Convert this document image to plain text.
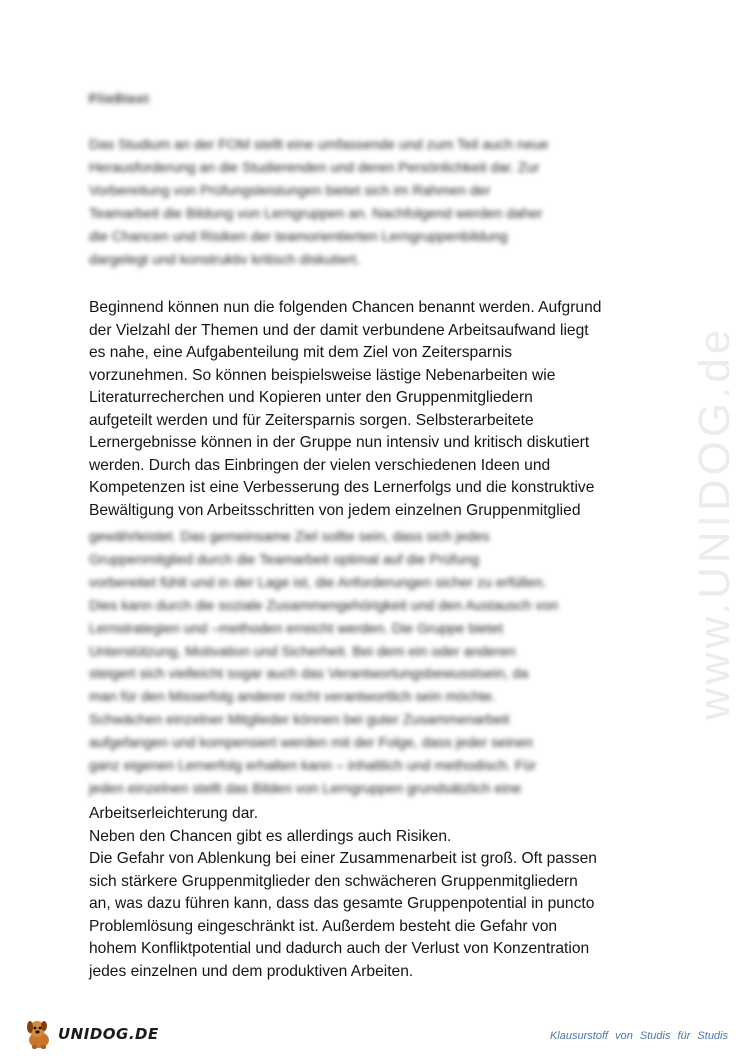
www.UNIDOG.de
Fließtext
Das Studium an der FOM stellt eine umfassende und zum Teil auch neue
Herausforderung an die Studierenden und deren Persönlichkeit dar. Zur
Vorbereitung von Prüfungsleistungen bietet sich im Rahmen der
Teamarbeit die Bildung von Lerngruppen an. Nachfolgend werden daher
die Chancen und Risiken der teamorientierten Lerngruppenbildung
dargelegt und konstruktiv kritisch diskutiert.
Beginnend können nun die folgenden Chancen benannt werden. Aufgrund
der Vielzahl der Themen und der damit verbundene Arbeitsaufwand liegt
es nahe, eine Aufgabenteilung mit dem Ziel von Zeitersparnis
vorzunehmen. So können beispielsweise lästige Nebenarbeiten wie
Literaturrecherchen und Kopieren unter den Gruppenmitgliedern
aufgeteilt werden und für Zeitersparnis sorgen. Selbsterarbeitete
Lernergebnisse können in der Gruppe nun intensiv und kritisch diskutiert
werden. Durch das Einbringen der vielen verschiedenen Ideen und
Kompetenzen ist eine Verbesserung des Lernerfolgs und die konstruktive
Bewältigung von Arbeitsschritten von jedem einzelnen Gruppenmitglied
gewährleistet. Das gemeinsame Ziel sollte sein, dass sich jedes
Gruppenmitglied durch die Teamarbeit optimal auf die Prüfung
vorbereitet fühlt und in der Lage ist, die Anforderungen sicher zu erfüllen.
Dies kann durch die soziale Zusammengehörigkeit und den Austausch von
Lernstrategien und –methoden erreicht werden. Die Gruppe bietet
Unterstützung, Motivation und Sicherheit. Bei dem ein oder anderen
steigert sich vielleicht sogar auch das Verantwortungsbewusstsein, da
man für den Misserfolg anderer nicht verantwortlich sein möchte.
Schwächen einzelner Mitglieder können bei guter Zusammenarbeit
aufgefangen und kompensiert werden mit der Folge, dass jeder seinen
ganz eigenen Lernerfolg erhalten kann – inhaltlich und methodisch. Für
jeden einzelnen stellt das Bilden von Lerngruppen grundsätzlich eine
Arbeitserleichterung dar.
Neben den Chancen gibt es allerdings auch Risiken.
Die Gefahr von Ablenkung bei einer Zusammenarbeit ist groß. Oft passen
sich stärkere Gruppenmitglieder den schwächeren Gruppenmitgliedern
an, was dazu führen kann, dass das gesamte Gruppenpotential in puncto
Problemlösung eingeschränkt ist. Außerdem besteht die Gefahr von
hohem Konfliktpotential und dadurch auch der Verlust von Konzentration
jedes einzelnen und dem produktiven Arbeiten.
UNIDOG.DE	Klausurstoff von Studis für Studis
